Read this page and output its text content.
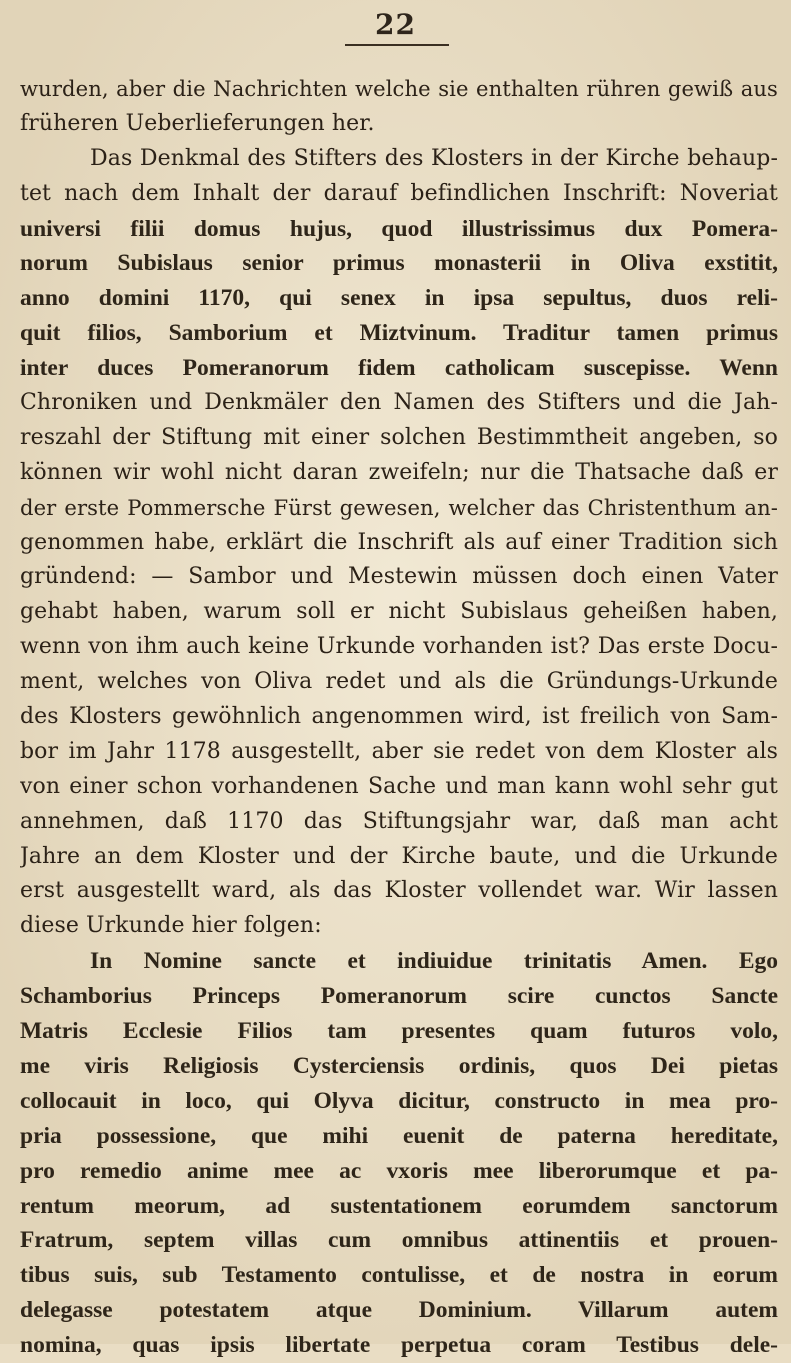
22
wurden, aber die Nachrichten welche sie enthalten rühren gewiß aus
früheren Ueberlieferungen her.
Das Denkmal des Stifters des Klosters in der Kirche behaup-
tet nach dem Inhalt der darauf befindlichen Inschrift: Noveriat
universi filii domus hujus, quod illustrissimus dux Pomera-
norum Subislaus senior primus monasterii in Oliva exstitit,
anno domini 1170, qui senex in ipsa sepultus, duos reli-
quit filios, Samborium et Miztvinum. Traditur tamen primus
inter duces Pomeranorum fidem catholicam suscepisse. Wenn
Chroniken und Denkmäler den Namen des Stifters und die Jah-
reszahl der Stiftung mit einer solchen Bestimmtheit angeben, so
können wir wohl nicht daran zweifeln; nur die Thatsache daß er
der erste Pommersche Fürst gewesen, welcher das Christenthum an-
genommen habe, erklärt die Inschrift als auf einer Tradition sich
gründend: — Sambor und Mestewin müssen doch einen Vater
gehabt haben, warum soll er nicht Subislaus geheißen haben,
wenn von ihm auch keine Urkunde vorhanden ist? Das erste Docu-
ment, welches von Oliva redet und als die Gründungs-Urkunde
des Klosters gewöhnlich angenommen wird, ist freilich von Sam-
bor im Jahr 1178 ausgestellt, aber sie redet von dem Kloster als
von einer schon vorhandenen Sache und man kann wohl sehr gut
annehmen, daß 1170 das Stiftungsjahr war, daß man acht
Jahre an dem Kloster und der Kirche baute, und die Urkunde
erst ausgestellt ward, als das Kloster vollendet war. Wir lassen
diese Urkunde hier folgen:
In Nomine sancte et indiuidue trinitatis Amen. Ego
Schamborius Princeps Pomeranorum scire cunctos Sancte
Matris Ecclesie Filios tam presentes quam futuros volo,
me viris Religiosis Cysterciensis ordinis, quos Dei pietas
collocauit in loco, qui Olyva dicitur, constructo in mea pro-
pria possessione, que mihi euenit de paterna hereditate,
pro remedio anime mee ac vxoris mee liberorumque et pa-
rentum meorum, ad sustentationem eorumdem sanctorum
Fratrum, septem villas cum omnibus attinentiis et prouen-
tibus suis, sub Testamento contulisse, et de nostra in eorum
delegasse potestatem atque Dominium. Villarum autem
nomina, quas ipsis libertate perpetua coram Testibus dele-
